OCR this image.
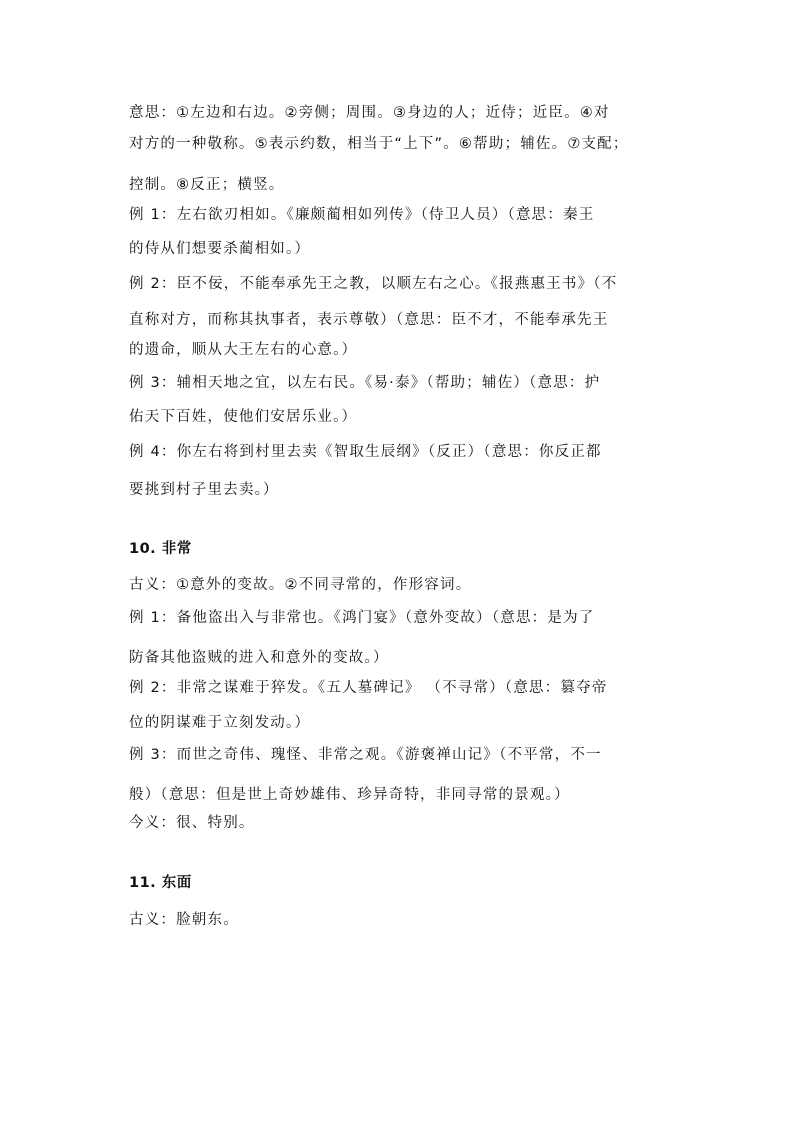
意思：①左边和右边。②旁侧；周围。③身边的人；近侍；近臣。④对
对方的一种敬称。⑤表示约数，相当于“上下”。⑥帮助；辅佐。⑦支配；
控制。⑧反正；横竖。
例 1：左右欲刃相如。《廉颇蔺相如列传》（侍卫人员）（意思：秦王
的侍从们想要杀蔺相如。）
例 2：臣不佞，不能奉承先王之教，以顺左右之心。《报燕惠王书》（不
直称对方，而称其执事者，表示尊敬）（意思：臣不才，不能奉承先王
的遗命，顺从大王左右的心意。）
例 3：辅相天地之宜，以左右民。《易·泰》（帮助；辅佐）（意思：护
佑天下百姓，使他们安居乐业。）
例 4：你左右将到村里去卖《智取生辰纲》（反正）（意思：你反正都
要挑到村子里去卖。）
10. 非常
古义：①意外的变故。②不同寻常的，作形容词。
例 1：备他盗出入与非常也。《鸿门宴》（意外变故）（意思：是为了
防备其他盗贼的进入和意外的变故。）
例 2：非常之谋难于猝发。《五人墓碑记》 （不寻常）（意思：篡夺帝
位的阴谋难于立刻发动。）
例 3：而世之奇伟、瑰怪、非常之观。《游褒禅山记》（不平常，不一
般）（意思：但是世上奇妙雄伟、珍异奇特，非同寻常的景观。）
今义：很、特别。
11. 东面
古义：脸朝东。
